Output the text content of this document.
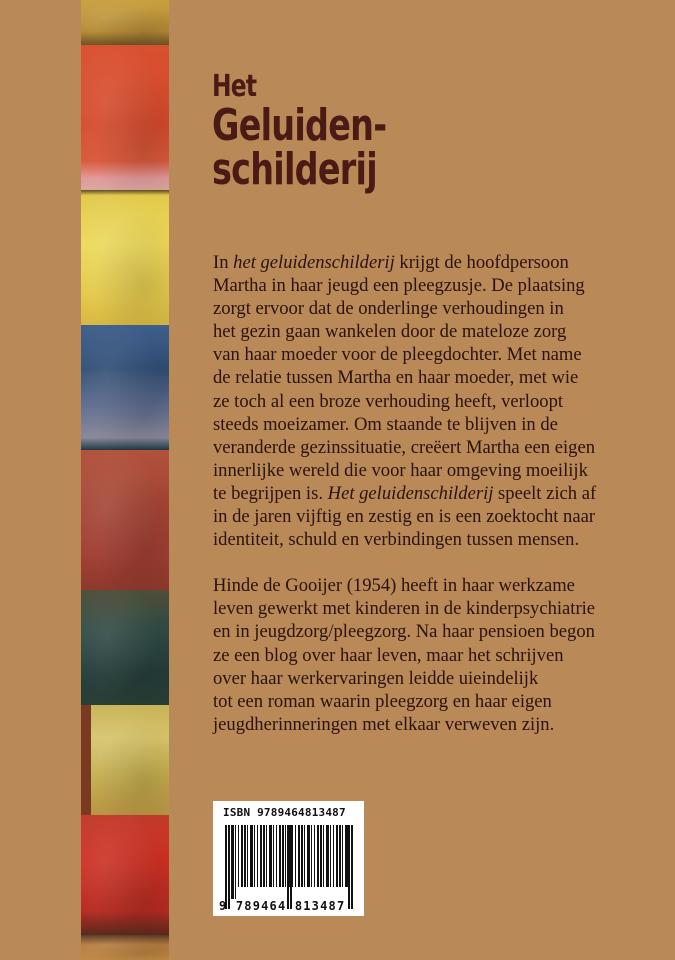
Het
Geluiden-
schilderij

In het geluidenschilderij krijgt de hoofdpersoon
Martha in haar jeugd een pleegzusje. De plaatsing
zorgt ervoor dat de onderlinge verhoudingen in
het gezin gaan wankelen door de mateloze zorg
van haar moeder voor de pleegdochter. Met name
de relatie tussen Martha en haar moeder, met wie
ze toch al een broze verhouding heeft, verloopt
steeds moeizamer. Om staande te blijven in de
veranderde gezinssituatie, creëert Martha een eigen
innerlijke wereld die voor haar omgeving moeilijk
te begrijpen is. Het geluidenschilderij speelt zich af
in de jaren vijftig en zestig en is een zoektocht naar
identiteit, schuld en verbindingen tussen mensen.

Hinde de Gooijer (1954) heeft in haar werkzame
leven gewerkt met kinderen in de kinderpsychiatrie
en in jeugdzorg/pleegzorg. Na haar pensioen begon
ze een blog over haar leven, maar het schrijven
over haar werkervaringen leidde uieindelijk
tot een roman waarin pleegzorg en haar eigen
jeugdherinneringen met elkaar verweven zijn.

ISBN 9789464813487
9 789464 813487
